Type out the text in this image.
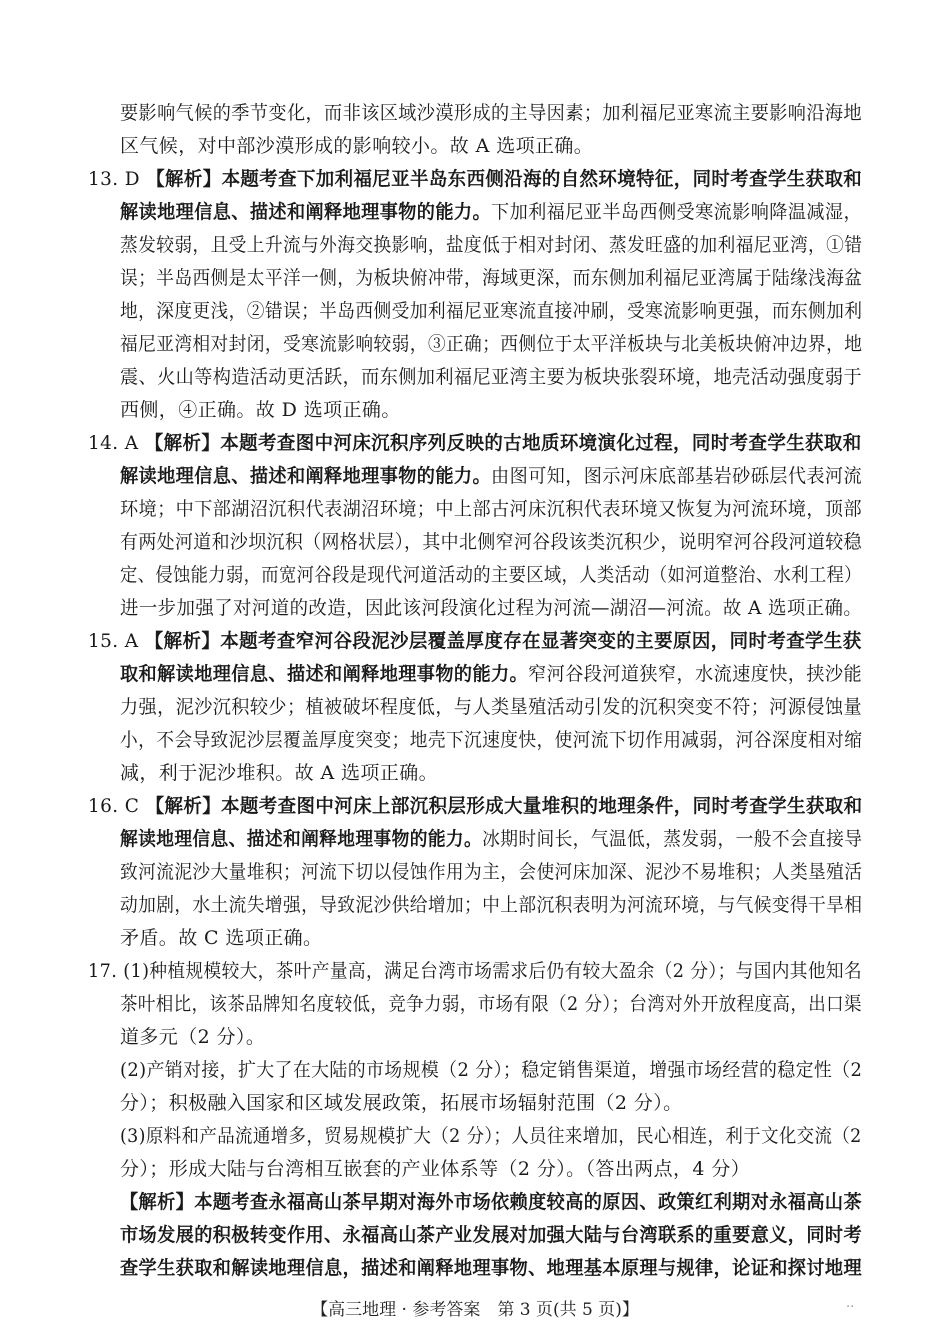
要影响气候的季节变化，而非该区域沙漠形成的主导因素；加利福尼亚寒流主要影响沿海地
区气候，对中部沙漠形成的影响较小。故 A 选项正确。
13. D 【解析】本题考查下加利福尼亚半岛东西侧沿海的自然环境特征，同时考查学生获取和
解读地理信息、描述和阐释地理事物的能力。下加利福尼亚半岛西侧受寒流影响降温减湿，
蒸发较弱，且受上升流与外海交换影响，盐度低于相对封闭、蒸发旺盛的加利福尼亚湾，①错
误；半岛西侧是太平洋一侧，为板块俯冲带，海域更深，而东侧加利福尼亚湾属于陆缘浅海盆
地，深度更浅，②错误；半岛西侧受加利福尼亚寒流直接冲刷，受寒流影响更强，而东侧加利
福尼亚湾相对封闭，受寒流影响较弱，③正确；西侧位于太平洋板块与北美板块俯冲边界，地
震、火山等构造活动更活跃，而东侧加利福尼亚湾主要为板块张裂环境，地壳活动强度弱于
西侧，④正确。故 D 选项正确。
14. A 【解析】本题考查图中河床沉积序列反映的古地质环境演化过程，同时考查学生获取和
解读地理信息、描述和阐释地理事物的能力。由图可知，图示河床底部基岩砂砾层代表河流
环境；中下部湖沼沉积代表湖沼环境；中上部古河床沉积代表环境又恢复为河流环境，顶部
有两处河道和沙坝沉积（网格状层），其中北侧窄河谷段该类沉积少，说明窄河谷段河道较稳
定、侵蚀能力弱，而宽河谷段是现代河道活动的主要区域，人类活动（如河道整治、水利工程）
进一步加强了对河道的改造，因此该河段演化过程为河流—湖沼—河流。故 A 选项正确。
15. A 【解析】本题考查窄河谷段泥沙层覆盖厚度存在显著突变的主要原因，同时考查学生获
取和解读地理信息、描述和阐释地理事物的能力。窄河谷段河道狭窄，水流速度快，挟沙能
力强，泥沙沉积较少；植被破坏程度低，与人类垦殖活动引发的沉积突变不符；河源侵蚀量
小，不会导致泥沙层覆盖厚度突变；地壳下沉速度快，使河流下切作用减弱，河谷深度相对缩
减，利于泥沙堆积。故 A 选项正确。
16. C 【解析】本题考查图中河床上部沉积层形成大量堆积的地理条件，同时考查学生获取和
解读地理信息、描述和阐释地理事物的能力。冰期时间长，气温低，蒸发弱，一般不会直接导
致河流泥沙大量堆积；河流下切以侵蚀作用为主，会使河床加深、泥沙不易堆积；人类垦殖活
动加剧，水土流失增强，导致泥沙供给增加；中上部沉积表明为河流环境，与气候变得干旱相
矛盾。故 C 选项正确。
17. (1)种植规模较大，茶叶产量高，满足台湾市场需求后仍有较大盈余（2 分）；与国内其他知名
茶叶相比，该茶品牌知名度较低，竞争力弱，市场有限（2 分）；台湾对外开放程度高，出口渠
道多元（2 分）。
(2)产销对接，扩大了在大陆的市场规模（2 分）；稳定销售渠道，增强市场经营的稳定性（2
分）；积极融入国家和区域发展政策，拓展市场辐射范围（2 分）。
(3)原料和产品流通增多，贸易规模扩大（2 分）；人员往来增加，民心相连，利于文化交流（2
分）；形成大陆与台湾相互嵌套的产业体系等（2 分）。（答出两点，4 分）
【解析】本题考查永福高山茶早期对海外市场依赖度较高的原因、政策红利期对永福高山茶
市场发展的积极转变作用、永福高山茶产业发展对加强大陆与台湾联系的重要意义，同时考
查学生获取和解读地理信息，描述和阐释地理事物、地理基本原理与规律，论证和探讨地理
【高三地理 · 参考答案　第 3 页(共 5 页)】	..
